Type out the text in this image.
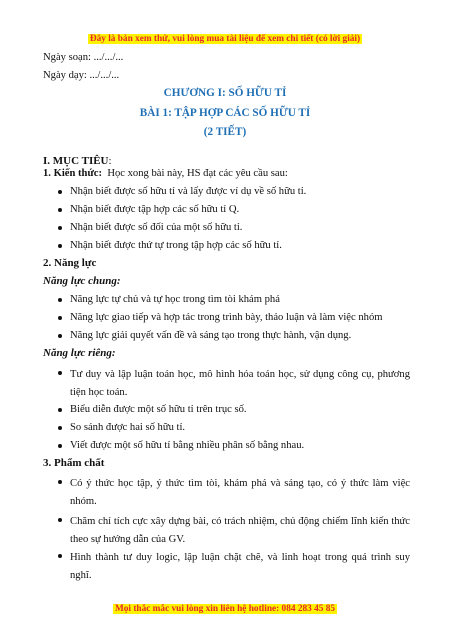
Đây là bản xem thử, vui lòng mua tài liệu để xem chi tiết (có lời giải)
Ngày soạn: .../.../...
Ngày dạy: .../.../...
CHƯƠNG I: SỐ HỮU TỈ
BÀI 1: TẬP HỢP CÁC SỐ HỮU TỈ
(2 TIẾT)
I. MỤC TIÊU:
1. Kiến thức: Học xong bài này, HS đạt các yêu cầu sau:
Nhận biết được số hữu tỉ và lấy được ví dụ về số hữu tỉ.
Nhận biết được tập hợp các số hữu tỉ Q.
Nhận biết được số đối của một số hữu tỉ.
Nhận biết được thứ tự trong tập hợp các số hữu tỉ.
2. Năng lực
Năng lực chung:
Năng lực tự chủ và tự học trong tìm tòi khám phá
Năng lực giao tiếp và hợp tác trong trình bày, thảo luận và làm việc nhóm
Năng lực giải quyết vấn đề và sáng tạo trong thực hành, vận dụng.
Năng lực riêng:
Tư duy và lập luận toán học, mô hình hóa toán học, sử dụng công cụ, phương tiện học toán.
Biểu diễn được một số hữu tỉ trên trục số.
So sánh được hai số hữu tỉ.
Viết được một số hữu tỉ bằng nhiều phân số bằng nhau.
3. Phẩm chất
Có ý thức học tập, ý thức tìm tòi, khám phá và sáng tạo, có ý thức làm việc nhóm.
Chăm chỉ tích cực xây dựng bài, có trách nhiệm, chủ động chiếm lĩnh kiến thức theo sự hướng dẫn của GV.
Hình thành tư duy logic, lập luận chặt chẽ, và linh hoạt trong quá trình suy nghĩ.
Mọi thắc mắc vui lòng xin liên hệ hotline: 084 283 45 85
